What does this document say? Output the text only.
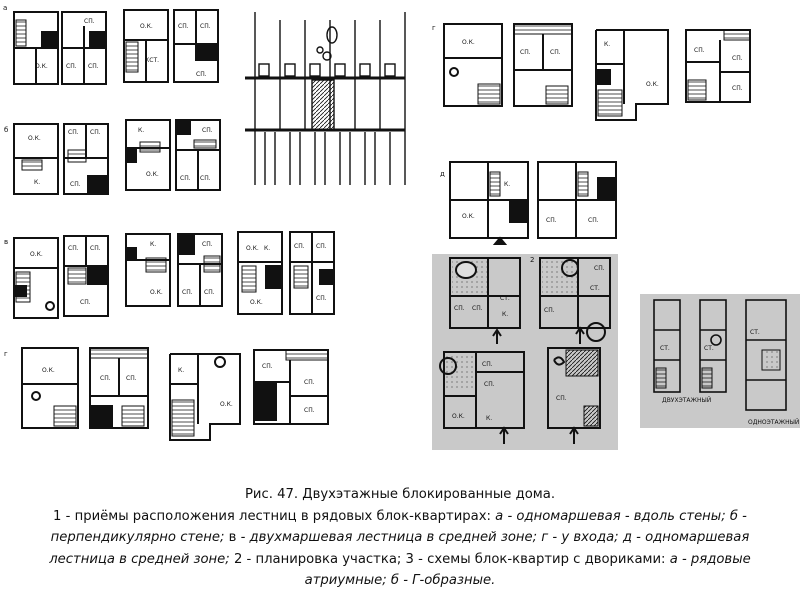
а
О.К.
СП.
СП. СП.
О.К.
КСТ.
СП. СП.
СП.
б
О.К.
К.
СП. СП.
СП.
К.
О.К.
СП.
СП. СП.
в
О.К.
СП. СП.
СП.
К.
О.К.
СП.
СП. СП.
О.К. К.
О.К.
СП. СП.
СП.
г
О.К.
СП.	СП.
К.
О.К.
СП.
СП.
СП.
г
О.К.
СП.	СП.
К.
О.К.
СП.
СП.
СП.
д
К.
О.К.
СП.	СП.
2
СП. СП.
СТ.
К.
СП.
СТ.
СП.
СП.
СП.
О.К.	К.
СП.
СТ.	СТ.
СТ.
ДВУХЭТАЖНЫЙ
ОДНОЭТАЖНЫЙ

Рис. 47. Двухэтажные блокированные дома.

1 - приёмы расположения лестниц в рядовых блок-квартирах: а - одномаршевая - вдоль стены; б -

перпендикулярно стене; в - двухмаршевая лестница в средней зоне; г - у входа; д - одномаршевая

лестница в средней зоне; 2 - планировка участка; 3 - схемы блок-квартир с двориками: а - рядовые

атриумные; б - Г-образные.
